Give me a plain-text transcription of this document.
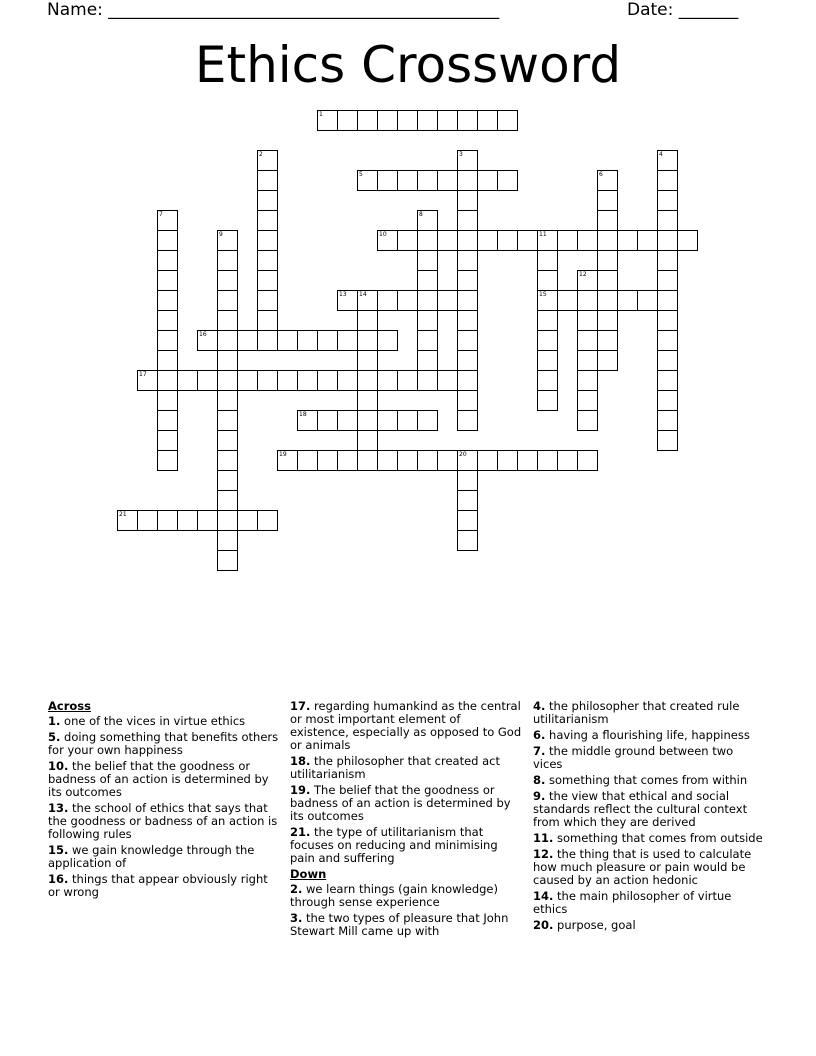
Name: ______________________________________________	Date: _______
Ethics Crossword
1
2	3	4
5	6
7	8
9	10	11
15
12
13 14
16
17
18
19	20
21
Across
1. one of the vices in virtue ethics
5. doing something that benefits others for your own happiness
10. the belief that the goodness or badness of an action is determined by its outcomes
13. the school of ethics that says that the goodness or badness of an action is following rules
15. we gain knowledge through the application of
16. things that appear obviously right or wrong
17. regarding humankind as the central or most important element of existence, especially as opposed to God or animals
18. the philosopher that created act utilitarianism
19. The belief that the goodness or badness of an action is determined by its outcomes
21. the type of utilitarianism that focuses on reducing and minimising pain and suffering
Down
2. we learn things (gain knowledge) through sense experience
3. the two types of pleasure that John Stewart Mill came up with
4. the philosopher that created rule utilitarianism
6. having a flourishing life, happiness
7. the middle ground between two vices
8. something that comes from within
9. the view that ethical and social standards reflect the cultural context from which they are derived
11. something that comes from outside
12. the thing that is used to calculate how much pleasure or pain would be caused by an action hedonic
14. the main philosopher of virtue ethics
20. purpose, goal
